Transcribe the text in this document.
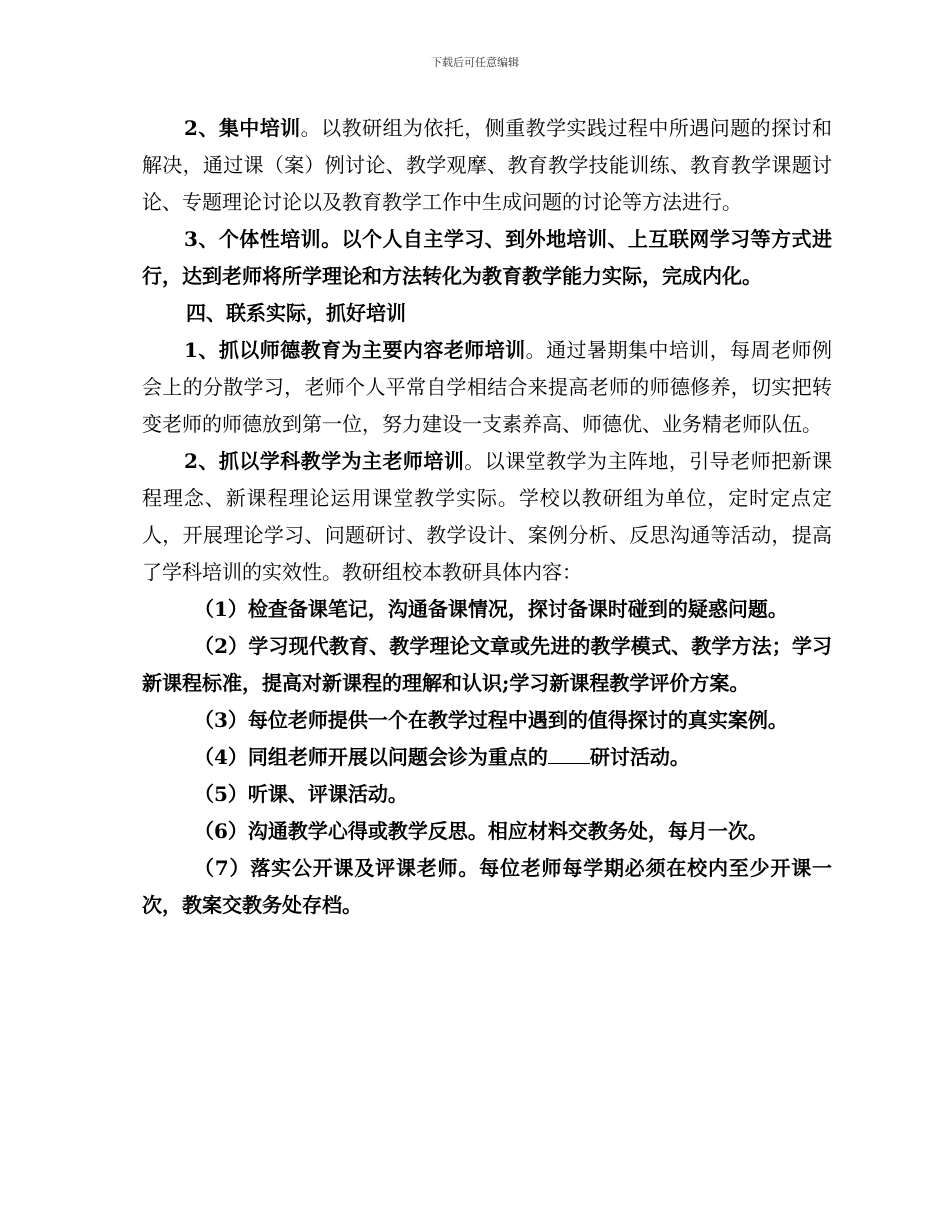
下载后可任意编辑

2、集中培训。以教研组为依托，侧重教学实践过程中所遇问题的探讨和解决，通过课（案）例讨论、教学观摩、教育教学技能训练、教育教学课题讨论、专题理论讨论以及教育教学工作中生成问题的讨论等方法进行。

3、个体性培训。以个人自主学习、到外地培训、上互联网学习等方式进行，达到老师将所学理论和方法转化为教育教学能力实际，完成内化。

四、联系实际，抓好培训

1、抓以师德教育为主要内容老师培训。通过暑期集中培训，每周老师例会上的分散学习，老师个人平常自学相结合来提高老师的师德修养，切实把转变老师的师德放到第一位，努力建设一支素养高、师德优、业务精老师队伍。

2、抓以学科教学为主老师培训。以课堂教学为主阵地，引导老师把新课程理念、新课程理论运用课堂教学实际。学校以教研组为单位，定时定点定人，开展理论学习、问题研讨、教学设计、案例分析、反思沟通等活动，提高了学科培训的实效性。教研组校本教研具体内容：

（1）检查备课笔记，沟通备课情况，探讨备课时碰到的疑惑问题。

（2）学习现代教育、教学理论文章或先进的教学模式、教学方法；学习新课程标准，提高对新课程的理解和认识;学习新课程教学评价方案。

（3）每位老师提供一个在教学过程中遇到的值得探讨的真实案例。

（4）同组老师开展以问题会诊为重点的 研讨活动。

（5）听课、评课活动。

（6）沟通教学心得或教学反思。相应材料交教务处，每月一次。

（7）落实公开课及评课老师。每位老师每学期必须在校内至少开课一次，教案交教务处存档。
